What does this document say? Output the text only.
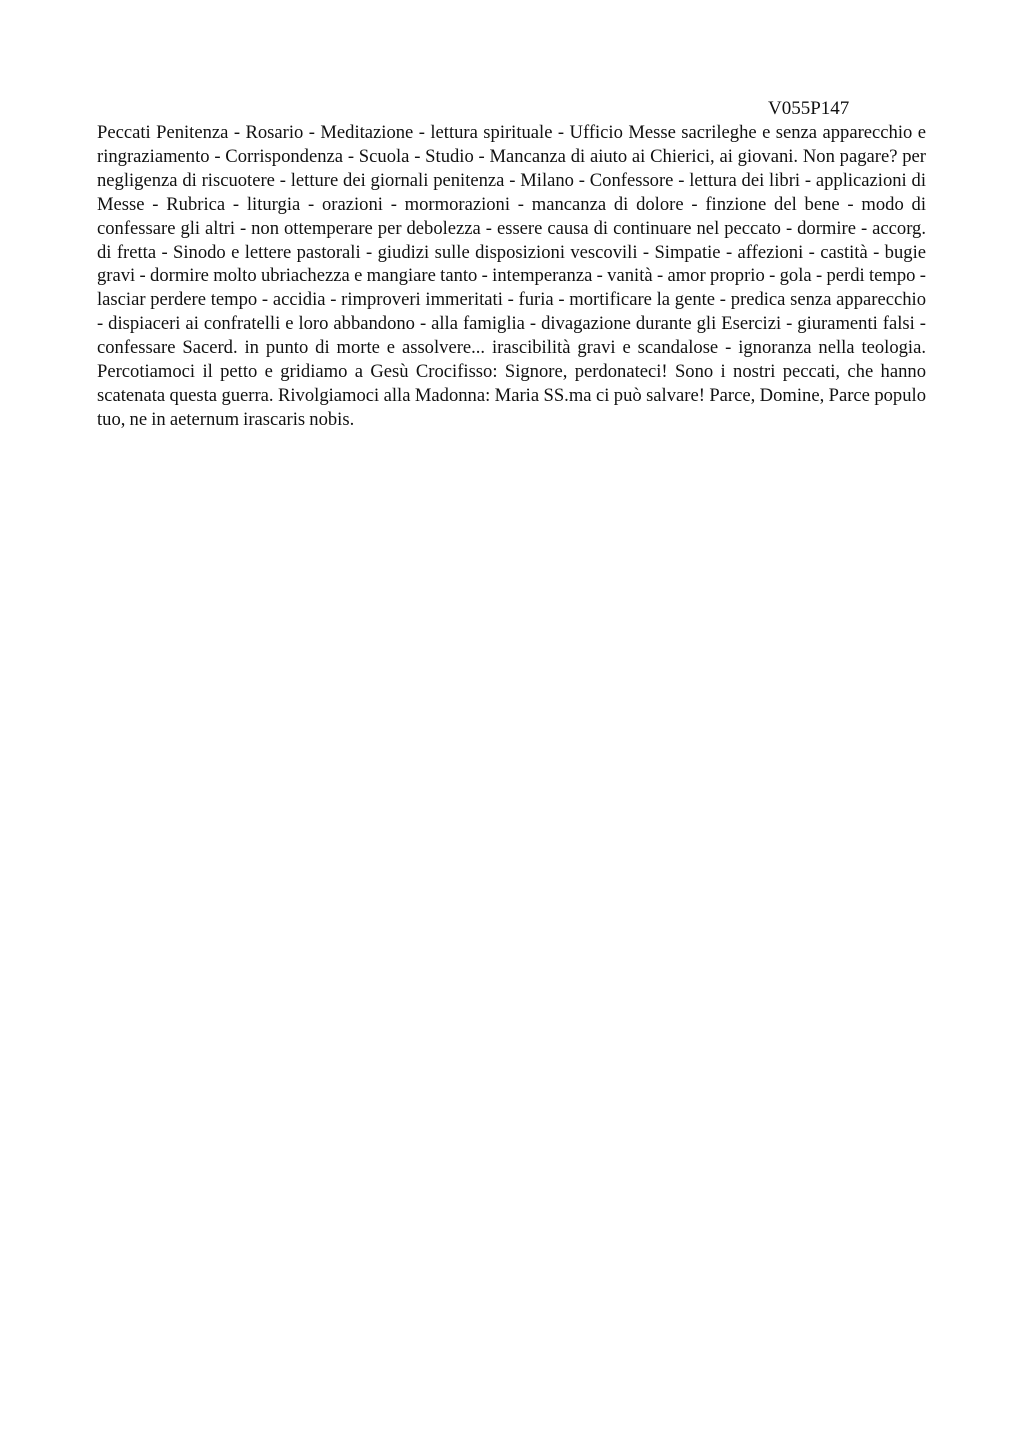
V055P147

Peccati Penitenza - Rosario - Meditazione - lettura spirituale - Ufficio Messe sacrileghe e senza apparecchio e ringraziamento - Corrispondenza - Scuola - Studio - Mancanza di aiuto ai Chierici, ai giovani. Non pagare? per negligenza di riscuotere - letture dei giornali penitenza - Milano - Confessore - lettura dei libri - applicazioni di Messe - Rubrica - liturgia - orazioni - mormorazioni - mancanza di dolore - finzione del bene - modo di confessare gli altri - non ottemperare per debolezza - essere causa di continuare nel peccato - dormire - accorg. di fretta - Sinodo e lettere pastorali - giudizi sulle disposizioni vescovili - Simpatie - affezioni - castità - bugie gravi - dormire molto ubriachezza e mangiare tanto - intemperanza - vanità - amor proprio - gola - perdi tempo - lasciar perdere tempo - accidia - rimproveri immeritati - furia - mortificare la gente - predica senza apparecchio - dispiaceri ai confratelli e loro abbandono - alla famiglia - divagazione durante gli Esercizi - giuramenti falsi - confessare Sacerd. in punto di morte e assolvere... irascibilità gravi e scandalose - ignoranza nella teologia. Percotiamoci il petto e gridiamo a Gesù Crocifisso: Signore, perdonateci! Sono i nostri peccati, che hanno scatenata questa guerra. Rivolgiamoci alla Madonna: Maria SS.ma ci può salvare! Parce, Domine, Parce populo tuo, ne in aeternum irascaris nobis.
